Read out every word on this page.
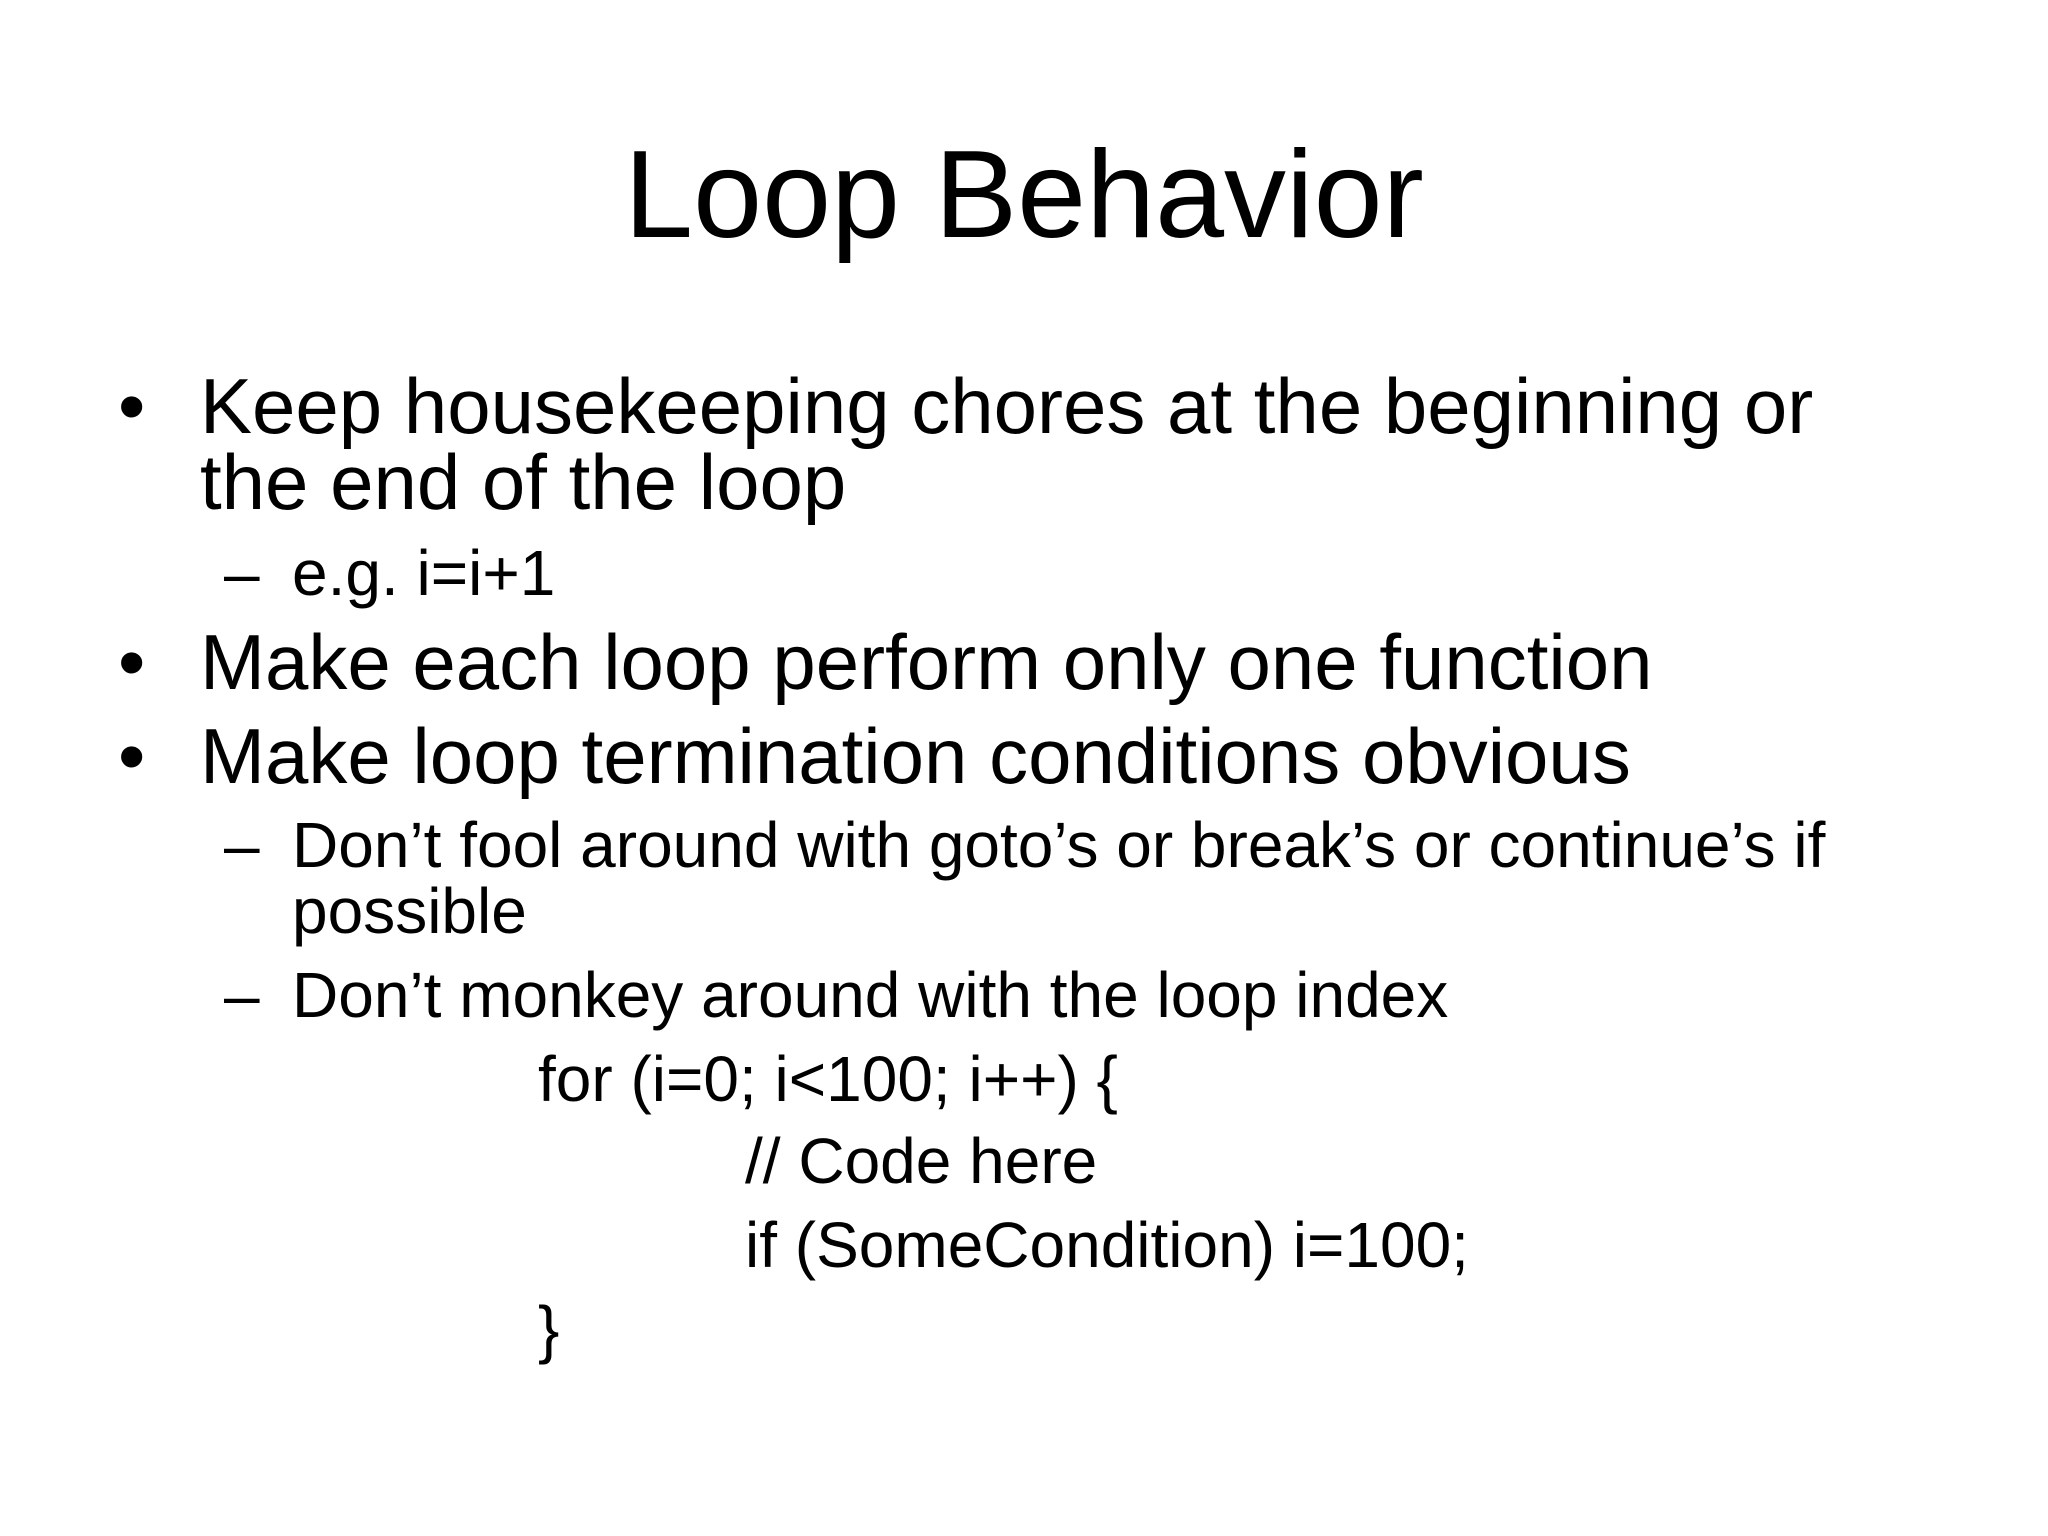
Loop Behavior
• Keep housekeeping chores at the beginning or the end of the loop
– e.g. i=i+1
• Make each loop perform only one function
• Make loop termination conditions obvious
– Don’t fool around with goto’s or break’s or continue’s if possible
– Don’t monkey around with the loop index
for (i=0; i<100; i++) {
// Code here
if (SomeCondition) i=100;
}
